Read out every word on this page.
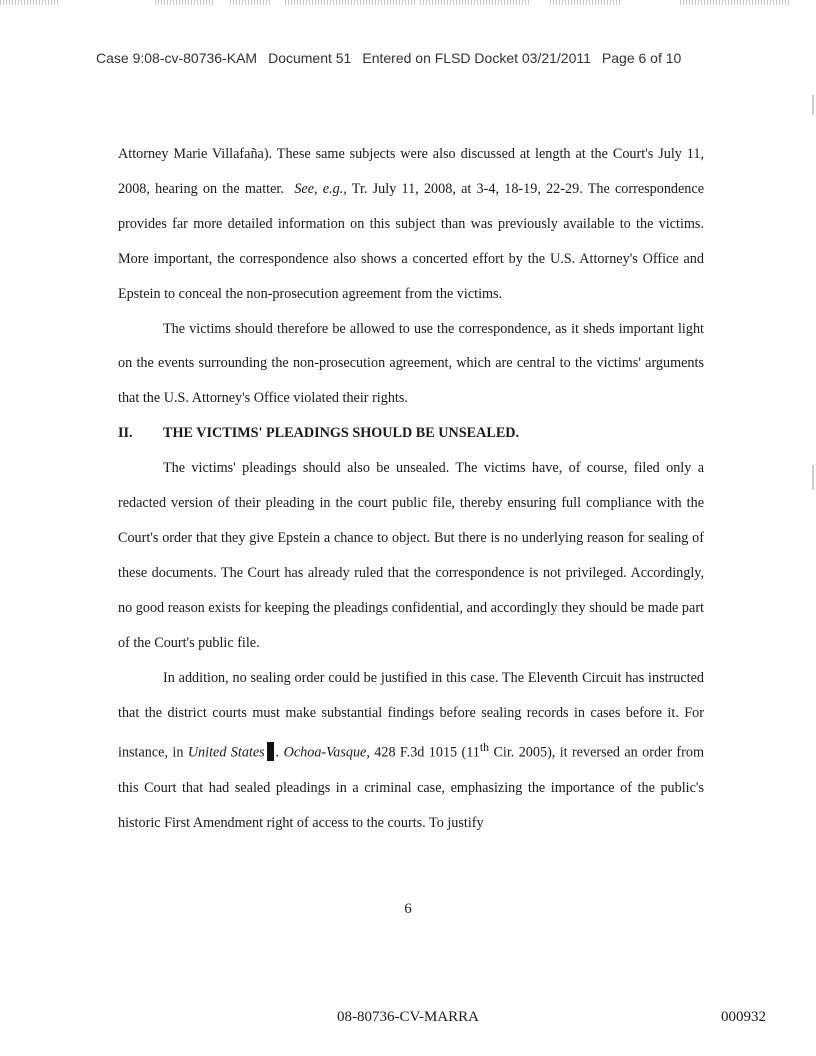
Case 9:08-cv-80736-KAM Document 51 Entered on FLSD Docket 03/21/2011 Page 6 of 10

Attorney Marie Villafaña). These same subjects were also discussed at length at the Court's July 11, 2008, hearing on the matter. See, e.g., Tr. July 11, 2008, at 3-4, 18-19, 22-29. The correspondence provides far more detailed information on this subject than was previously available to the victims. More important, the correspondence also shows a concerted effort by the U.S. Attorney's Office and Epstein to conceal the non-prosecution agreement from the victims.

The victims should therefore be allowed to use the correspondence, as it sheds important light on the events surrounding the non-prosecution agreement, which are central to the victims' arguments that the U.S. Attorney's Office violated their rights.

II. THE VICTIMS' PLEADINGS SHOULD BE UNSEALED.

The victims' pleadings should also be unsealed. The victims have, of course, filed only a redacted version of their pleading in the court public file, thereby ensuring full compliance with the Court's order that they give Epstein a chance to object. But there is no underlying reason for sealing of these documents. The Court has already ruled that the correspondence is not privileged. Accordingly, no good reason exists for keeping the pleadings confidential, and accordingly they should be made part of the Court's public file.

In addition, no sealing order could be justified in this case. The Eleventh Circuit has instructed that the district courts must make substantial findings before sealing records in cases before it. For instance, in United States . Ochoa-Vasque, 428 F.3d 1015 (11th Cir. 2005), it reversed an order from this Court that had sealed pleadings in a criminal case, emphasizing the importance of the public's historic First Amendment right of access to the courts. To justify

6
08-80736-CV-MARRA	000932
